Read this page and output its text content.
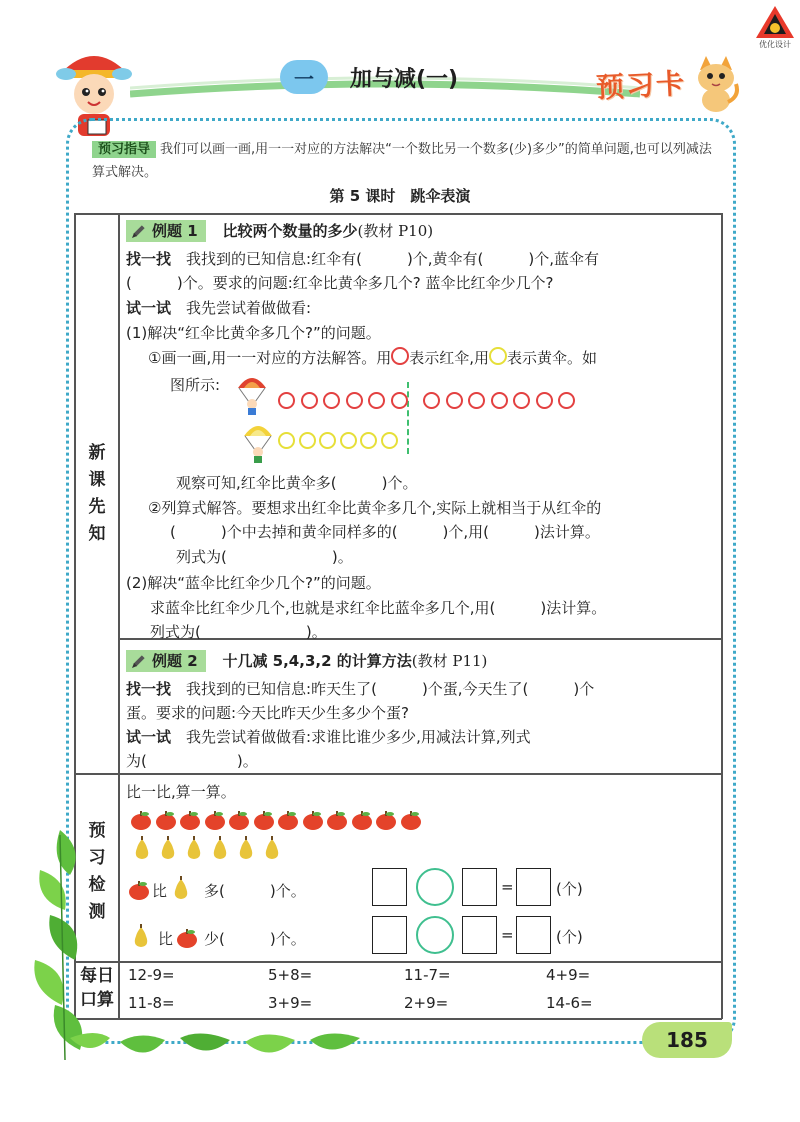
优化设计
一	加与减(一)	预习卡
预习指导 我们可以画一画,用一一对应的方法解决“一个数比另一个数多(少)多少”的简单问题,也可以列减法算式解决。
第 5 课时　跳伞表演
新课先知
预习检测
每日
口算
例题 1 比较两个数量的多少(教材 P10)
找一找　 我找到的已知信息:红伞有(　　　)个,黄伞有(　　　)个,蓝伞有
(　　　)个。要求的问题:红伞比黄伞多几个? 蓝伞比红伞少几个?
试一试　 我先尝试着做做看:
(1)解决“红伞比黄伞多几个?”的问题。
①画一画,用一一对应的方法解答。用 表示红伞,用 表示黄伞。如
图所示:
观察可知,红伞比黄伞多(　　　)个。
②列算式解答。要想求出红伞比黄伞多几个,实际上就相当于从红伞的
(　　　)个中去掉和黄伞同样多的(　　　)个,用(　　　)法计算。
列式为(　　　　　　　)。
(2)解决“蓝伞比红伞少几个?”的问题。
求蓝伞比红伞少几个,也就是求红伞比蓝伞多几个,用(　　　)法计算。
列式为(　　　　　　　)。
例题 2 十几减 5,4,3,2 的计算方法(教材 P11)
找一找　 我找到的已知信息:昨天生了(　　　)个蛋,今天生了(　　　)个
蛋。要求的问题:今天比昨天少生多少个蛋?
试一试　 我先尝试着做做看:求谁比谁少多少,用减法计算,列式
为(　　　　　　)。
比一比,算一算。
比 多(　　　)个。
比 少(　　　)个。
=	(个)
=	(个)
12-9=	5+8=	11-7=	4+9=
11-8=	3+9=	2+9=	14-6=
185
